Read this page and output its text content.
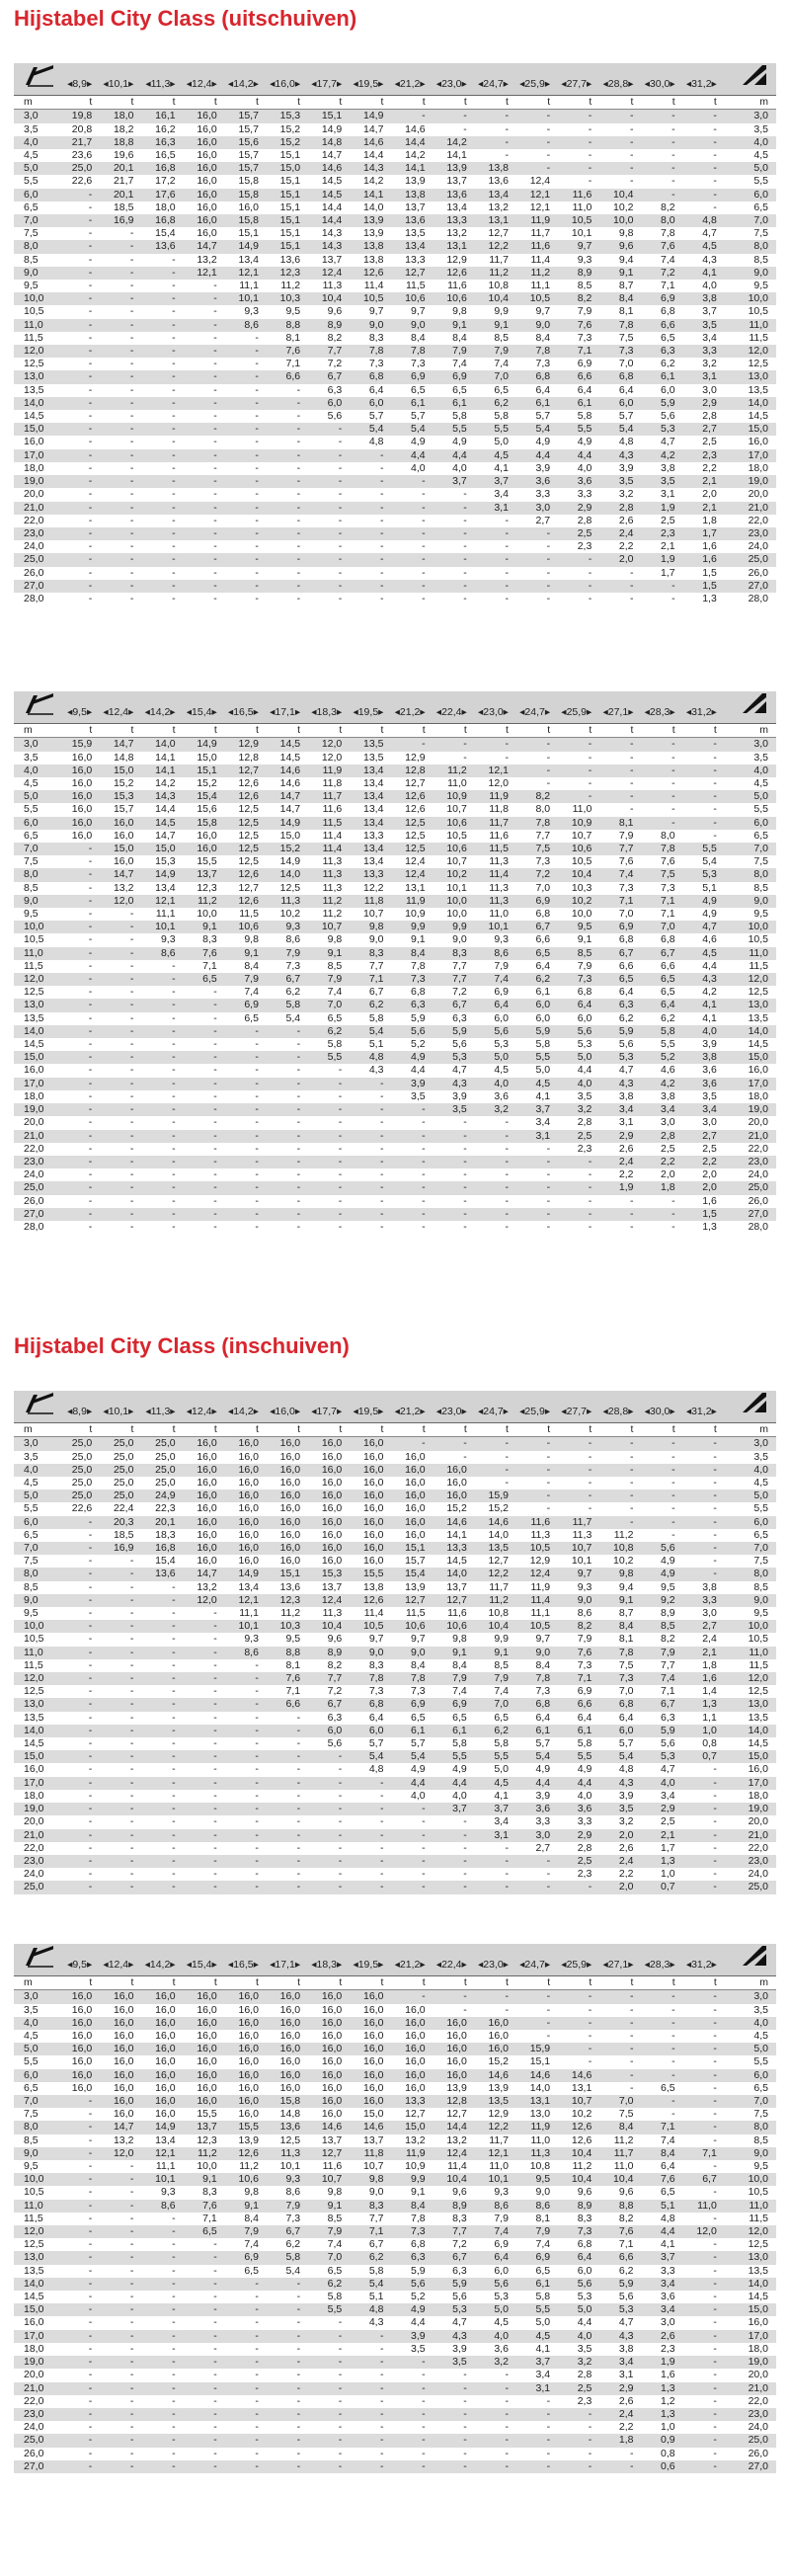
Hijstabel City Class (uitschuiven)
	◂8,9▸	◂10,1▸	◂11,3▸	◂12,4▸	◂14,2▸	◂16,0▸	◂17,7▸	◂19,5▸	◂21,2▸	◂23,0▸	◂24,7▸	◂25,9▸	◂27,7▸	◂28,8▸	◂30,0▸	◂31,2▸	
m	t	t	t	t	t	t	t	t	t	t	t	t	t	t	t	t	m
3,0	19,8	18,0	16,1	16,0	15,7	15,3	15,1	14,9	-	-	-	-	-	-	-	-	3,0
3,5	20,8	18,2	16,2	16,0	15,7	15,2	14,9	14,7	14,6	-	-	-	-	-	-	-	3,5
4,0	21,7	18,8	16,3	16,0	15,6	15,2	14,8	14,6	14,4	14,2	-	-	-	-	-	-	4,0
4,5	23,6	19,6	16,5	16,0	15,7	15,1	14,7	14,4	14,2	14,1	-	-	-	-	-	-	4,5
5,0	25,0	20,1	16,8	16,0	15,7	15,0	14,6	14,3	14,1	13,9	13,8	-	-	-	-	-	5,0
5,5	22,6	21,7	17,2	16,0	15,8	15,1	14,5	14,2	13,9	13,7	13,6	12,4	-	-	-	-	5,5
6,0	-	20,1	17,6	16,0	15,8	15,1	14,5	14,1	13,8	13,6	13,4	12,1	11,6	10,4	-	-	6,0
6,5	-	18,5	18,0	16,0	16,0	15,1	14,4	14,0	13,7	13,4	13,2	12,1	11,0	10,2	8,2	-	6,5
7,0	-	16,9	16,8	16,0	15,8	15,1	14,4	13,9	13,6	13,3	13,1	11,9	10,5	10,0	8,0	4,8	7,0
7,5	-	-	15,4	16,0	15,1	15,1	14,3	13,9	13,5	13,2	12,7	11,7	10,1	9,8	7,8	4,7	7,5
8,0	-	-	13,6	14,7	14,9	15,1	14,3	13,8	13,4	13,1	12,2	11,6	9,7	9,6	7,6	4,5	8,0
8,5	-	-	-	13,2	13,4	13,6	13,7	13,8	13,3	12,9	11,7	11,4	9,3	9,4	7,4	4,3	8,5
9,0	-	-	-	12,1	12,1	12,3	12,4	12,6	12,7	12,6	11,2	11,2	8,9	9,1	7,2	4,1	9,0
9,5	-	-	-	-	11,1	11,2	11,3	11,4	11,5	11,6	10,8	11,1	8,5	8,7	7,1	4,0	9,5
10,0	-	-	-	-	10,1	10,3	10,4	10,5	10,6	10,6	10,4	10,5	8,2	8,4	6,9	3,8	10,0
10,5	-	-	-	-	9,3	9,5	9,6	9,7	9,7	9,8	9,9	9,7	7,9	8,1	6,8	3,7	10,5
11,0	-	-	-	-	8,6	8,8	8,9	9,0	9,0	9,1	9,1	9,0	7,6	7,8	6,6	3,5	11,0
11,5	-	-	-	-	-	8,1	8,2	8,3	8,4	8,4	8,5	8,4	7,3	7,5	6,5	3,4	11,5
12,0	-	-	-	-	-	7,6	7,7	7,8	7,8	7,9	7,9	7,8	7,1	7,3	6,3	3,3	12,0
12,5	-	-	-	-	-	7,1	7,2	7,3	7,3	7,4	7,4	7,3	6,9	7,0	6,2	3,2	12,5
13,0	-	-	-	-	-	6,6	6,7	6,8	6,9	6,9	7,0	6,8	6,6	6,8	6,1	3,1	13,0
13,5	-	-	-	-	-	-	6,3	6,4	6,5	6,5	6,5	6,4	6,4	6,4	6,0	3,0	13,5
14,0	-	-	-	-	-	-	6,0	6,0	6,1	6,1	6,2	6,1	6,1	6,0	5,9	2,9	14,0
14,5	-	-	-	-	-	-	5,6	5,7	5,7	5,8	5,8	5,7	5,8	5,7	5,6	2,8	14,5
15,0	-	-	-	-	-	-	-	5,4	5,4	5,5	5,5	5,4	5,5	5,4	5,3	2,7	15,0
16,0	-	-	-	-	-	-	-	4,8	4,9	4,9	5,0	4,9	4,9	4,8	4,7	2,5	16,0
17,0	-	-	-	-	-	-	-	-	4,4	4,4	4,5	4,4	4,4	4,3	4,2	2,3	17,0
18,0	-	-	-	-	-	-	-	-	4,0	4,0	4,1	3,9	4,0	3,9	3,8	2,2	18,0
19,0	-	-	-	-	-	-	-	-	-	3,7	3,7	3,6	3,6	3,5	3,5	2,1	19,0
20,0	-	-	-	-	-	-	-	-	-	-	3,4	3,3	3,3	3,2	3,1	2,0	20,0
21,0	-	-	-	-	-	-	-	-	-	-	3,1	3,0	2,9	2,8	1,9	2,1	21,0
22,0	-	-	-	-	-	-	-	-	-	-	-	2,7	2,8	2,6	2,5	1,8	22,0
23,0	-	-	-	-	-	-	-	-	-	-	-	-	2,5	2,4	2,3	1,7	23,0
24,0	-	-	-	-	-	-	-	-	-	-	-	-	2,3	2,2	2,1	1,6	24,0
25,0	-	-	-	-	-	-	-	-	-	-	-	-	-	2,0	1,9	1,6	25,0
26,0	-	-	-	-	-	-	-	-	-	-	-	-	-	-	1,7	1,5	26,0
27,0	-	-	-	-	-	-	-	-	-	-	-	-	-	-	-	1,5	27,0
28,0	-	-	-	-	-	-	-	-	-	-	-	-	-	-	-	1,3	28,0
	◂9,5▸	◂12,4▸	◂14,2▸	◂15,4▸	◂16,5▸	◂17,1▸	◂18,3▸	◂19,5▸	◂21,2▸	◂22,4▸	◂23,0▸	◂24,7▸	◂25,9▸	◂27,1▸	◂28,3▸	◂31,2▸	
m	t	t	t	t	t	t	t	t	t	t	t	t	t	t	t	t	m
3,0	15,9	14,7	14,0	14,9	12,9	14,5	12,0	13,5	-	-	-	-	-	-	-	-	3,0
3,5	16,0	14,8	14,1	15,0	12,8	14,5	12,0	13,5	12,9	-	-	-	-	-	-	-	3,5
4,0	16,0	15,0	14,1	15,1	12,7	14,6	11,9	13,4	12,8	11,2	12,1	-	-	-	-	-	4,0
4,5	16,0	15,2	14,2	15,2	12,6	14,6	11,8	13,4	12,7	11,0	12,0	-	-	-	-	-	4,5
5,0	16,0	15,3	14,3	15,4	12,6	14,7	11,7	13,4	12,6	10,9	11,9	8,2	-	-	-	-	5,0
5,5	16,0	15,7	14,4	15,6	12,5	14,7	11,6	13,4	12,6	10,7	11,8	8,0	11,0	-	-	-	5,5
6,0	16,0	16,0	14,5	15,8	12,5	14,9	11,5	13,4	12,5	10,6	11,7	7,8	10,9	8,1	-	-	6,0
6,5	16,0	16,0	14,7	16,0	12,5	15,0	11,4	13,3	12,5	10,5	11,6	7,7	10,7	7,9	8,0	-	6,5
7,0	-	15,0	15,0	16,0	12,5	15,2	11,4	13,4	12,5	10,6	11,5	7,5	10,6	7,7	7,8	5,5	7,0
7,5	-	16,0	15,3	15,5	12,5	14,9	11,3	13,4	12,4	10,7	11,3	7,3	10,5	7,6	7,6	5,4	7,5
8,0	-	14,7	14,9	13,7	12,6	14,0	11,3	13,3	12,4	10,2	11,4	7,2	10,4	7,4	7,5	5,3	8,0
8,5	-	13,2	13,4	12,3	12,7	12,5	11,3	12,2	13,1	10,1	11,3	7,0	10,3	7,3	7,3	5,1	8,5
9,0	-	12,0	12,1	11,2	12,6	11,3	11,2	11,8	11,9	10,0	11,3	6,9	10,2	7,1	7,1	4,9	9,0
9,5	-	-	11,1	10,0	11,5	10,2	11,2	10,7	10,9	10,0	11,0	6,8	10,0	7,0	7,1	4,9	9,5
10,0	-	-	10,1	9,1	10,6	9,3	10,7	9,8	9,9	9,9	10,1	6,7	9,5	6,9	7,0	4,7	10,0
10,5	-	-	9,3	8,3	9,8	8,6	9,8	9,0	9,1	9,0	9,3	6,6	9,1	6,8	6,8	4,6	10,5
11,0	-	-	8,6	7,6	9,1	7,9	9,1	8,3	8,4	8,3	8,6	6,5	8,5	6,7	6,7	4,5	11,0
11,5	-	-	-	7,1	8,4	7,3	8,5	7,7	7,8	7,7	7,9	6,4	7,9	6,6	6,6	4,4	11,5
12,0	-	-	-	6,5	7,9	6,7	7,9	7,1	7,3	7,7	7,4	6,2	7,3	6,5	6,5	4,3	12,0
12,5	-	-	-	-	7,4	6,2	7,4	6,7	6,8	7,2	6,9	6,1	6,8	6,4	6,5	4,2	12,5
13,0	-	-	-	-	6,9	5,8	7,0	6,2	6,3	6,7	6,4	6,0	6,4	6,3	6,4	4,1	13,0
13,5	-	-	-	-	6,5	5,4	6,5	5,8	5,9	6,3	6,0	6,0	6,0	6,2	6,2	4,1	13,5
14,0	-	-	-	-	-	-	6,2	5,4	5,6	5,9	5,6	5,9	5,6	5,9	5,8	4,0	14,0
14,5	-	-	-	-	-	-	5,8	5,1	5,2	5,6	5,3	5,8	5,3	5,6	5,5	3,9	14,5
15,0	-	-	-	-	-	-	5,5	4,8	4,9	5,3	5,0	5,5	5,0	5,3	5,2	3,8	15,0
16,0	-	-	-	-	-	-	-	4,3	4,4	4,7	4,5	5,0	4,4	4,7	4,6	3,6	16,0
17,0	-	-	-	-	-	-	-	-	3,9	4,3	4,0	4,5	4,0	4,3	4,2	3,6	17,0
18,0	-	-	-	-	-	-	-	-	3,5	3,9	3,6	4,1	3,5	3,8	3,8	3,5	18,0
19,0	-	-	-	-	-	-	-	-	-	3,5	3,2	3,7	3,2	3,4	3,4	3,4	19,0
20,0	-	-	-	-	-	-	-	-	-	-	-	3,4	2,8	3,1	3,0	3,0	20,0
21,0	-	-	-	-	-	-	-	-	-	-	-	3,1	2,5	2,9	2,8	2,7	21,0
22,0	-	-	-	-	-	-	-	-	-	-	-	-	2,3	2,6	2,5	2,5	22,0
23,0	-	-	-	-	-	-	-	-	-	-	-	-	-	2,4	2,2	2,2	23,0
24,0	-	-	-	-	-	-	-	-	-	-	-	-	-	2,2	2,0	2,0	24,0
25,0	-	-	-	-	-	-	-	-	-	-	-	-	-	1,9	1,8	2,0	25,0
26,0	-	-	-	-	-	-	-	-	-	-	-	-	-	-	-	1,6	26,0
27,0	-	-	-	-	-	-	-	-	-	-	-	-	-	-	-	1,5	27,0
28,0	-	-	-	-	-	-	-	-	-	-	-	-	-	-	-	1,3	28,0
Hijstabel City Class (inschuiven)
	◂8,9▸	◂10,1▸	◂11,3▸	◂12,4▸	◂14,2▸	◂16,0▸	◂17,7▸	◂19,5▸	◂21,2▸	◂23,0▸	◂24,7▸	◂25,9▸	◂27,7▸	◂28,8▸	◂30,0▸	◂31,2▸	
m	t	t	t	t	t	t	t	t	t	t	t	t	t	t	t	t	m
3,0	25,0	25,0	25,0	16,0	16,0	16,0	16,0	16,0	-	-	-	-	-	-	-	-	3,0
3,5	25,0	25,0	25,0	16,0	16,0	16,0	16,0	16,0	16,0	-	-	-	-	-	-	-	3,5
4,0	25,0	25,0	25,0	16,0	16,0	16,0	16,0	16,0	16,0	16,0	-	-	-	-	-	-	4,0
4,5	25,0	25,0	25,0	16,0	16,0	16,0	16,0	16,0	16,0	16,0	-	-	-	-	-	-	4,5
5,0	25,0	25,0	24,9	16,0	16,0	16,0	16,0	16,0	16,0	16,0	15,9	-	-	-	-	-	5,0
5,5	22,6	22,4	22,3	16,0	16,0	16,0	16,0	16,0	16,0	15,2	15,2	-	-	-	-	-	5,5
6,0	-	20,3	20,1	16,0	16,0	16,0	16,0	16,0	16,0	14,6	14,6	11,6	11,7	-	-	-	6,0
6,5	-	18,5	18,3	16,0	16,0	16,0	16,0	16,0	16,0	14,1	14,0	11,3	11,3	11,2	-	-	6,5
7,0	-	16,9	16,8	16,0	16,0	16,0	16,0	16,0	15,1	13,3	13,5	10,5	10,7	10,8	5,6	-	7,0
7,5	-	-	15,4	16,0	16,0	16,0	16,0	16,0	15,7	14,5	12,7	12,9	10,1	10,2	4,9	-	7,5
8,0	-	-	13,6	14,7	14,9	15,1	15,3	15,5	15,4	14,0	12,2	12,4	9,7	9,8	4,9	-	8,0
8,5	-	-	-	13,2	13,4	13,6	13,7	13,8	13,9	13,7	11,7	11,9	9,3	9,4	9,5	3,8	8,5
9,0	-	-	-	12,0	12,1	12,3	12,4	12,6	12,7	12,7	11,2	11,4	9,0	9,1	9,2	3,3	9,0
9,5	-	-	-	-	11,1	11,2	11,3	11,4	11,5	11,6	10,8	11,1	8,6	8,7	8,9	3,0	9,5
10,0	-	-	-	-	10,1	10,3	10,4	10,5	10,6	10,6	10,4	10,5	8,2	8,4	8,5	2,7	10,0
10,5	-	-	-	-	9,3	9,5	9,6	9,7	9,7	9,8	9,9	9,7	7,9	8,1	8,2	2,4	10,5
11,0	-	-	-	-	8,6	8,8	8,9	9,0	9,0	9,1	9,1	9,0	7,6	7,8	7,9	2,1	11,0
11,5	-	-	-	-	-	8,1	8,2	8,3	8,4	8,4	8,5	8,4	7,3	7,5	7,7	1,8	11,5
12,0	-	-	-	-	-	7,6	7,7	7,8	7,8	7,9	7,9	7,8	7,1	7,3	7,4	1,6	12,0
12,5	-	-	-	-	-	7,1	7,2	7,3	7,3	7,4	7,4	7,3	6,9	7,0	7,1	1,4	12,5
13,0	-	-	-	-	-	6,6	6,7	6,8	6,9	6,9	7,0	6,8	6,6	6,8	6,7	1,3	13,0
13,5	-	-	-	-	-	-	6,3	6,4	6,5	6,5	6,5	6,4	6,4	6,4	6,3	1,1	13,5
14,0	-	-	-	-	-	-	6,0	6,0	6,1	6,1	6,2	6,1	6,1	6,0	5,9	1,0	14,0
14,5	-	-	-	-	-	-	5,6	5,7	5,7	5,8	5,8	5,7	5,8	5,7	5,6	0,8	14,5
15,0	-	-	-	-	-	-	-	5,4	5,4	5,5	5,5	5,4	5,5	5,4	5,3	0,7	15,0
16,0	-	-	-	-	-	-	-	4,8	4,9	4,9	5,0	4,9	4,9	4,8	4,7	-	16,0
17,0	-	-	-	-	-	-	-	-	4,4	4,4	4,5	4,4	4,4	4,3	4,0	-	17,0
18,0	-	-	-	-	-	-	-	-	4,0	4,0	4,1	3,9	4,0	3,9	3,4	-	18,0
19,0	-	-	-	-	-	-	-	-	-	3,7	3,7	3,6	3,6	3,5	2,9	-	19,0
20,0	-	-	-	-	-	-	-	-	-	-	3,4	3,3	3,3	3,2	2,5	-	20,0
21,0	-	-	-	-	-	-	-	-	-	-	3,1	3,0	2,9	2,0	2,1	-	21,0
22,0	-	-	-	-	-	-	-	-	-	-	-	2,7	2,8	2,6	1,7	-	22,0
23,0	-	-	-	-	-	-	-	-	-	-	-	-	2,5	2,4	1,3	-	23,0
24,0	-	-	-	-	-	-	-	-	-	-	-	-	2,3	2,2	1,0	-	24,0
25,0	-	-	-	-	-	-	-	-	-	-	-	-	-	2,0	0,7	-	25,0
	◂9,5▸	◂12,4▸	◂14,2▸	◂15,4▸	◂16,5▸	◂17,1▸	◂18,3▸	◂19,5▸	◂21,2▸	◂22,4▸	◂23,0▸	◂24,7▸	◂25,9▸	◂27,1▸	◂28,3▸	◂31,2▸	
m	t	t	t	t	t	t	t	t	t	t	t	t	t	t	t	t	m
3,0	16,0	16,0	16,0	16,0	16,0	16,0	16,0	16,0	-	-	-	-	-	-	-	-	3,0
3,5	16,0	16,0	16,0	16,0	16,0	16,0	16,0	16,0	16,0	-	-	-	-	-	-	-	3,5
4,0	16,0	16,0	16,0	16,0	16,0	16,0	16,0	16,0	16,0	16,0	16,0	-	-	-	-	-	4,0
4,5	16,0	16,0	16,0	16,0	16,0	16,0	16,0	16,0	16,0	16,0	16,0	-	-	-	-	-	4,5
5,0	16,0	16,0	16,0	16,0	16,0	16,0	16,0	16,0	16,0	16,0	16,0	15,9	-	-	-	-	5,0
5,5	16,0	16,0	16,0	16,0	16,0	16,0	16,0	16,0	16,0	16,0	15,2	15,1	-	-	-	-	5,5
6,0	16,0	16,0	16,0	16,0	16,0	16,0	16,0	16,0	16,0	16,0	14,6	14,6	14,6	-	-	-	6,0
6,5	16,0	16,0	16,0	16,0	16,0	16,0	16,0	16,0	16,0	13,9	13,9	14,0	13,1	-	6,5	-	6,5
7,0	-	16,0	16,0	16,0	16,0	15,8	16,0	16,0	13,3	12,8	13,5	13,1	10,7	7,0	-	-	7,0
7,5	-	16,0	16,0	15,5	16,0	14,8	16,0	15,0	12,7	12,7	12,9	13,0	10,2	7,5	-	-	7,5
8,0	-	14,7	14,9	13,7	15,5	13,6	14,6	14,6	15,0	14,4	12,2	11,9	12,6	8,4	7,1	-	8,0
8,5	-	13,2	13,4	12,3	13,9	12,5	13,7	13,7	13,2	13,2	11,7	11,0	12,6	11,2	7,4	-	8,5
9,0	-	12,0	12,1	11,2	12,6	11,3	12,7	11,8	11,9	12,4	12,1	11,3	10,4	11,7	8,4	7,1	9,0
9,5	-	-	11,1	10,0	11,2	10,1	11,6	10,7	10,9	11,4	11,0	10,8	11,2	11,0	6,4	-	9,5
10,0	-	-	10,1	9,1	10,6	9,3	10,7	9,8	9,9	10,4	10,1	9,5	10,4	10,4	7,6	6,7	10,0
10,5	-	-	9,3	8,3	9,8	8,6	9,8	9,0	9,1	9,6	9,3	9,0	9,6	9,6	6,5	-	10,5
11,0	-	-	8,6	7,6	9,1	7,9	9,1	8,3	8,4	8,9	8,6	8,6	8,9	8,8	5,1	11,0	11,0
11,5	-	-	-	7,1	8,4	7,3	8,5	7,7	7,8	8,3	7,9	8,1	8,3	8,2	4,8	-	11,5
12,0	-	-	-	6,5	7,9	6,7	7,9	7,1	7,3	7,7	7,4	7,9	7,3	7,6	4,4	12,0	12,0
12,5	-	-	-	-	7,4	6,2	7,4	6,7	6,8	7,2	6,9	7,4	6,8	7,1	4,1	-	12,5
13,0	-	-	-	-	6,9	5,8	7,0	6,2	6,3	6,7	6,4	6,9	6,4	6,6	3,7	-	13,0
13,5	-	-	-	-	6,5	5,4	6,5	5,8	5,9	6,3	6,0	6,5	6,0	6,2	3,3	-	13,5
14,0	-	-	-	-	-	-	6,2	5,4	5,6	5,9	5,6	6,1	5,6	5,9	3,4	-	14,0
14,5	-	-	-	-	-	-	5,8	5,1	5,2	5,6	5,3	5,8	5,3	5,6	3,6	-	14,5
15,0	-	-	-	-	-	-	5,5	4,8	4,9	5,3	5,0	5,5	5,0	5,3	3,4	-	15,0
16,0	-	-	-	-	-	-	-	4,3	4,4	4,7	4,5	5,0	4,4	4,7	3,0	-	16,0
17,0	-	-	-	-	-	-	-	-	3,9	4,3	4,0	4,5	4,0	4,3	2,6	-	17,0
18,0	-	-	-	-	-	-	-	-	3,5	3,9	3,6	4,1	3,5	3,8	2,3	-	18,0
19,0	-	-	-	-	-	-	-	-	-	3,5	3,2	3,7	3,2	3,4	1,9	-	19,0
20,0	-	-	-	-	-	-	-	-	-	-	-	3,4	2,8	3,1	1,6	-	20,0
21,0	-	-	-	-	-	-	-	-	-	-	-	3,1	2,5	2,9	1,3	-	21,0
22,0	-	-	-	-	-	-	-	-	-	-	-	-	2,3	2,6	1,2	-	22,0
23,0	-	-	-	-	-	-	-	-	-	-	-	-	-	2,4	1,3	-	23,0
24,0	-	-	-	-	-	-	-	-	-	-	-	-	-	2,2	1,0	-	24,0
25,0	-	-	-	-	-	-	-	-	-	-	-	-	-	1,8	0,9	-	25,0
26,0	-	-	-	-	-	-	-	-	-	-	-	-	-	-	0,8	-	26,0
27,0	-	-	-	-	-	-	-	-	-	-	-	-	-	-	0,6	-	27,0
